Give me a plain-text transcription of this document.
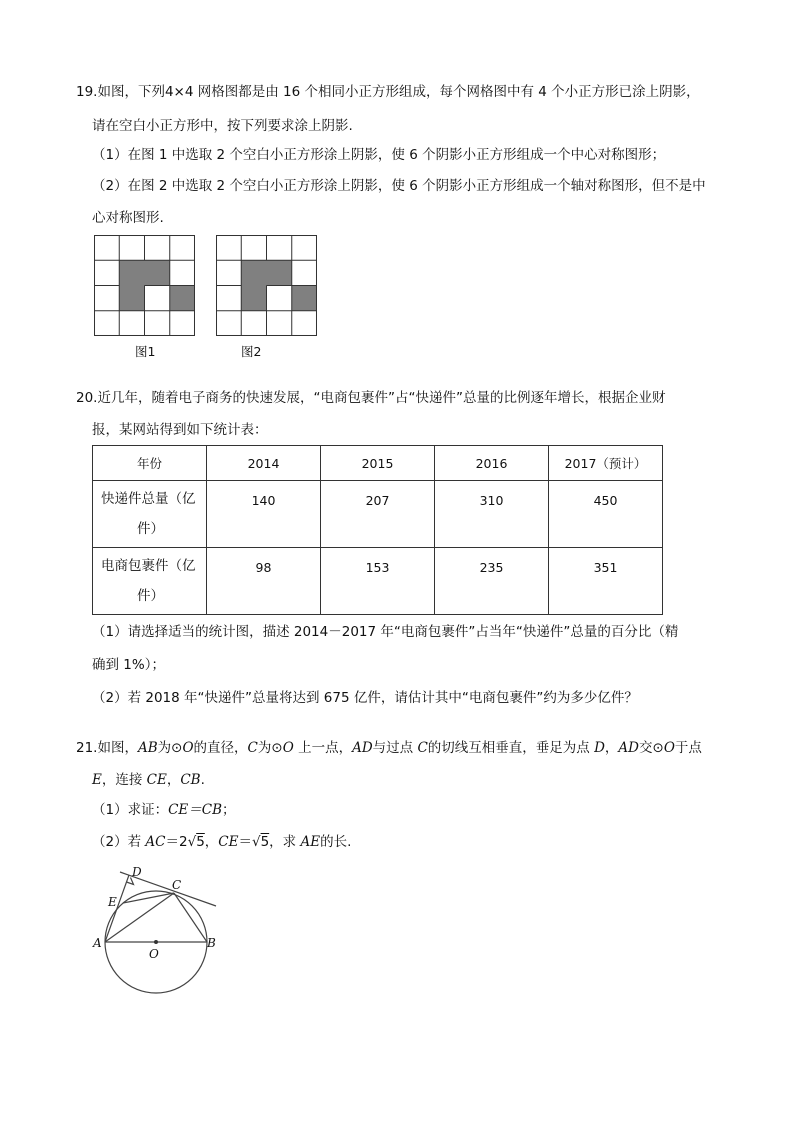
19.如图，下列4×4 网格图都是由 16 个相同小正方形组成，每个网格图中有 4 个小正方形已涂上阴影，
请在空白小正方形中，按下列要求涂上阴影.
（1）在图 1 中选取 2 个空白小正方形涂上阴影，使 6 个阴影小正方形组成一个中心对称图形；
（2）在图 2 中选取 2 个空白小正方形涂上阴影，使 6 个阴影小正方形组成一个轴对称图形，但不是中
心对称图形.
图1	图2
20.近几年，随着电子商务的快速发展，“电商包裹件”占“快递件”总量的比例逐年增长，根据企业财
报，某网站得到如下统计表：
年份	2014	2015	2016	2017（预计）

快递件总量（亿
件）	140	207	310	450

电商包裹件（亿
件）	98	153	235	351
（1）请选择适当的统计图，描述 2014－2017 年“电商包裹件”占当年“快递件”总量的百分比（精
确到 1%）；
（2）若 2018 年“快递件”总量将达到 675 亿件，请估计其中“电商包裹件”约为多少亿件？
21.如图，AB为⊙O的直径，C为⊙O 上一点，AD与过点 C的切线互相垂直，垂足为点 D，AD交⊙O于点
E，连接 CE，CB.
（1）求证：CE＝CB；
（2）若 AC＝2√5，CE＝√5，求 AE的长.
D
C
E
A	B
O
